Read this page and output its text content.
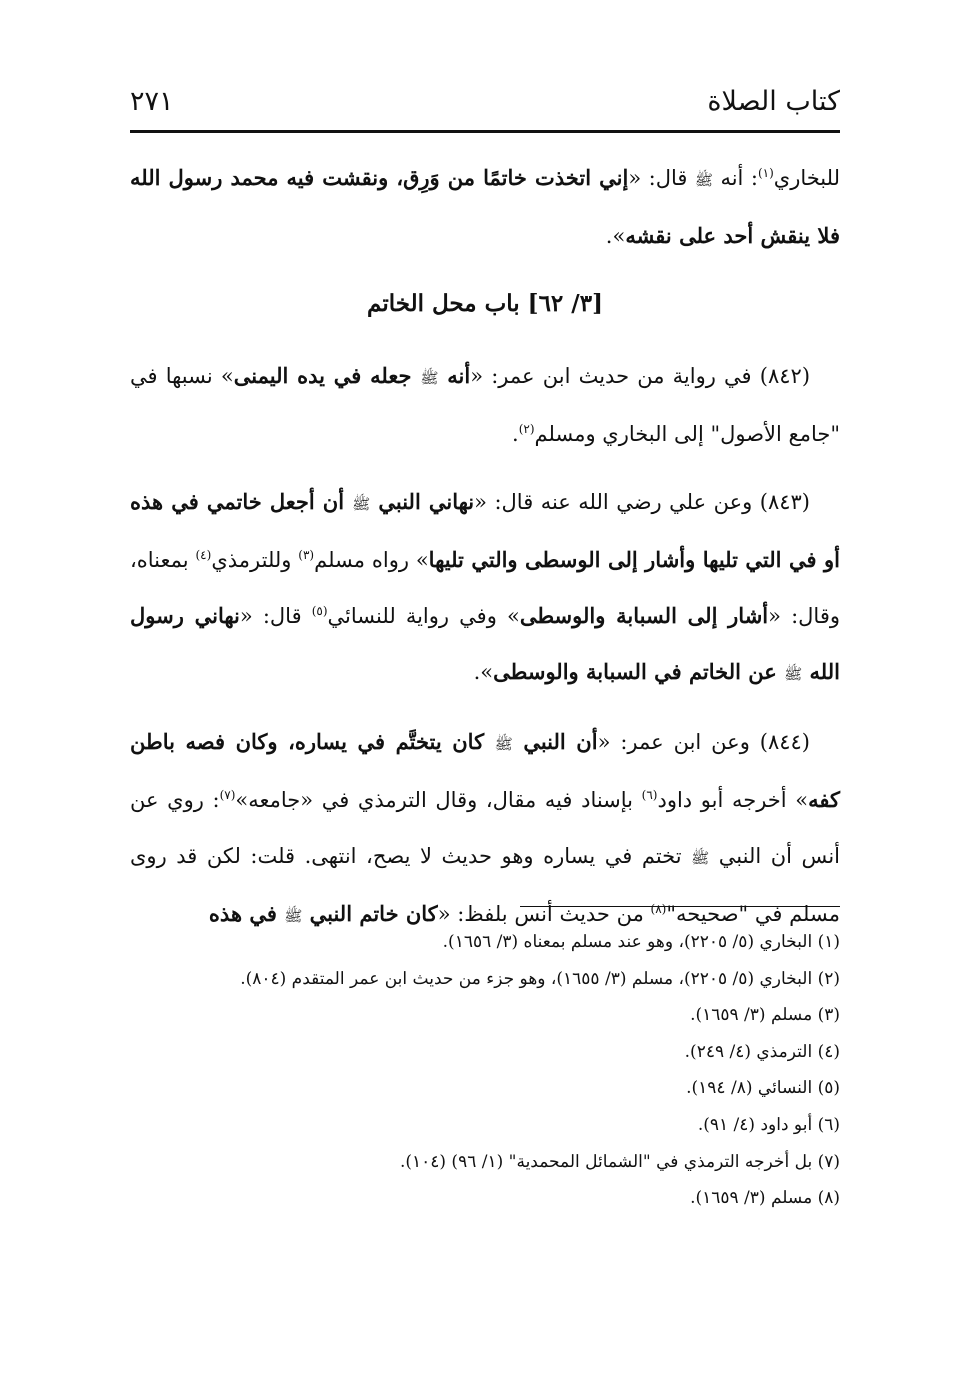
كتاب الصلاة
٢٧١

للبخاري$^{(١)}$: أنه ﷺ قال: «إني اتخذت خاتمًا من وَرِق، ونقشت فيه محمد رسول الله فلا ينقش أحد على نقشه».

[٣/ ٦٢] باب محل الخاتم

(٨٤٢) في رواية من حديث ابن عمر: «أنه ﷺ جعله في يده اليمنى» نسبها في "جامع الأصول" إلى البخاري ومسلم$^{(٢)}$.

(٨٤٣) وعن علي رضي الله عنه قال: «نهاني النبي ﷺ أن أجعل خاتمي في هذه أو في التي تليها وأشار إلى الوسطى والتي تليها» رواه مسلم$^{(٣)}$ وللترمذي$^{(٤)}$ بمعناه، وقال: «أشار إلى السبابة والوسطى» وفي رواية للنسائي$^{(٥)}$ قال: «نهاني رسول الله ﷺ عن الخاتم في السبابة والوسطى».

(٨٤٤) وعن ابن عمر: «أن النبي ﷺ كان يتختَّم في يساره، وكان فصه باطن كفه» أخرجه أبو داود$^{(٦)}$ بإسناد فيه مقال، وقال الترمذي في «جامعه»$^{(٧)}$: روي عن أنس أن النبي ﷺ تختم في يساره وهو حديث لا يصح، انتهى. قلت: لكن قد روى مسلم في "صحيحه"$^{(٨)}$ من حديث أنس بلفظ: «كان خاتم النبي ﷺ في هذه

(١) البخاري (٥/ ٢٢٠٥)، وهو عند مسلم بمعناه (٣/ ١٦٥٦).
(٢) البخاري (٥/ ٢٢٠٥)، مسلم (٣/ ١٦٥٥)، وهو جزء من حديث ابن عمر المتقدم (٨٠٤).
(٣) مسلم (٣/ ١٦٥٩).
(٤) الترمذي (٤/ ٢٤٩).
(٥) النسائي (٨/ ١٩٤).
(٦) أبو داود (٤/ ٩١).
(٧) بل أخرجه الترمذي في "الشمائل المحمدية" (١/ ٩٦) (١٠٤).
(٨) مسلم (٣/ ١٦٥٩).
